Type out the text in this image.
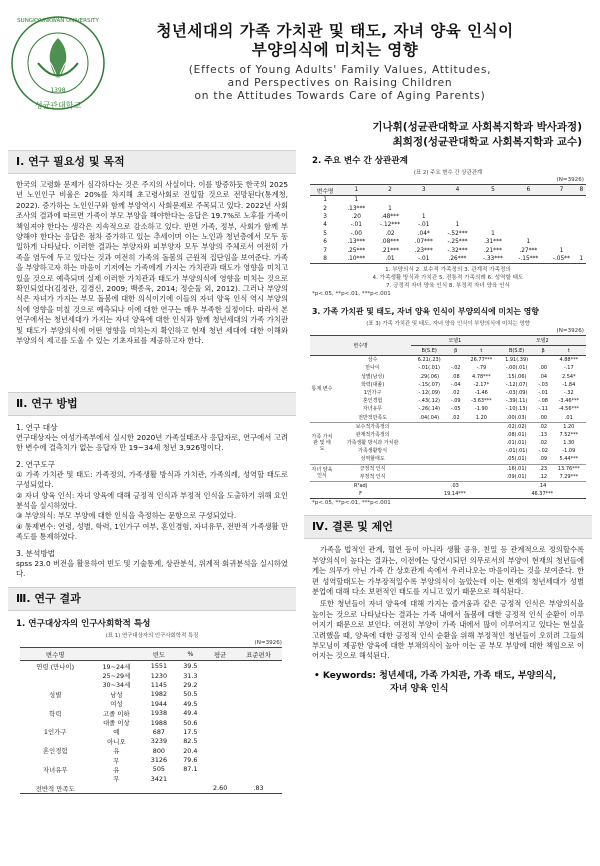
1398
성균관대학교
SUNGKYUNKWAN UNIVERSITY
청년세대의 가족 가치관 및 태도, 자녀 양육 인식이
부양의식에 미치는 영향
(Effects of Young Adults' Family Values, Attitudes,
and Perspectives on Raising Children
on the Attitudes Towards Care of Aging Parents)
기나휘(성균관대학교 사회복지학과 박사과정)
최희정(성균관대학교 사회복지학과 교수)
Ⅰ. 연구 필요성 및 목적
한국의 고령화 문제가 심각하다는 것은 주지의 사실이다. 이를 방증하듯 한국의 2025년 노인인구 비율은 20%를 차지해 초고령사회로 진입할 것으로 전망된다(통계청, 2022). 증가하는 노인인구와 함께 부양역시 사회문제로 주목되고 있다. 2022년 사회조사의 결과에 따르면 가족이 부모 부양을 해야한다는 응답은 19.7%로 노후를 가족이 책임져야 한다는 생각은 지속적으로 감소하고 있다. 반면 가족, 정부, 사회가 함께 부양해야 한다는 응답은 점차 증가하고 있는 추세이며 이는 노인과 청년층에서 모두 동일하게 나타났다. 이러한 결과는 부양자와 피부양자 모두 부양의 주체로서 여전히 가족을 염두에 두고 있다는 것과 여전히 가족의 돌봄의 근원적 집단임을 보여준다. 가족을 부양하고자 하는 마음이 기저에는 가족에게 가지는 가치관과 태도가 영향을 미치고 있을 것으로 예측되며 실제 이러한 가치관과 태도가 부양의식에 영향을 미치는 것으로 확인되었다(김정란, 김경신, 2009; 백종욱, 2014; 정순둘 외, 2012). 그러나 부양의식은 자녀가 가지는 부모 돌봄에 대한 의식이기에 이들의 자녀 양육 인식 역시 부양의식에 영향을 미칠 것으로 예측되나 이에 대한 연구는 매우 부족한 실정이다. 따라서 본 연구에서는 청년세대가 가지는 자녀 양육에 대한 인식과 함께 청년세대의 가족 가치관 및 태도가 부양의식에 어떤 영향을 미치는지 확인하고 현재 청년 세대에 대한 이해와 부양의식 제고를 도울 수 있는 기초자료를 제공하고자 한다.
Ⅱ. 연구 방법
1. 연구 대상
연구대상자는 여성가족부에서 실시한 2020년 가족실태조사 응답자로, 연구에서 고려한 변수에 결측치가 없는 응답자 만 19~34세 청년 3,926명이다.
2. 연구도구
① 가족 가치관 및 태도: 가족정의, 가족생활 방식과 가치관, 가족의례, 성역할 태도로 구성되었다.
② 자녀 양육 인식: 자녀 양육에 대해 긍정적 인식과 부정적 인식을 도출하기 위해 요인분석을 실시하였다.
③ 부양의식: 부모 부양에 대한 인식을 측정하는 문항으로 구성되었다.
④ 통제변수: 연령, 성별, 학력, 1인가구 여부, 혼인경험, 자녀유무, 전반적 가족생활 만족도를 통제하였다.
3. 분석방법
spss 23.0 버전을 활용하여 빈도 및 기술통계, 상관분석, 위계적 회귀분석을 실시하였다.
Ⅲ. 연구 결과
1. 연구대상자의 인구사회학적 특성
(표 1) 연구대상자의 인구사회학적 특징
(N=3926)
변수명		빈도	%	평균	표준편차
연령 (만나이)	19~24세	1551	39.5		
	25~29세	1230	31.3		
	30~34세	1145	29.2		
성별	남성	1982	50.5		
	여성	1944	49.5		
학력	고졸 이하	1938	49.4		
	대졸 이상	1988	50.6		
1인가구	예	687	17.5		
	아니오	3239	82.5		
혼인경험	유	800	20.4		
	무	3126	79.6		
자녀유무	유	505	87.1		
	무	3421			
전반적 만족도				2.60	.83
2. 주요 변수 간 상관관계
(표 2) 주요 변수 간 상관관계
(N=3926)
변수명	1	2	3	4	5	6	7	8
1	1							
2	.13***	1						
3	.20	.48***	1					
4	-.01	-.12***	-.01	1				
5	-.00	.02	.04*	-.52***	1			
6	.13***	.08***	.07***	-.25***	.31***	1		
7	.25***	.21***	.23***	-.32***	.21***	.27***	1	
8	.10***	.01	-.01	.26***	-.33***	-.15***	-.05**	1
1. 부양의식 2. 보수적 가족정의 3. 관계적 가족정의
4. 가족생활 방식과 가치관 5. 전통적 가족의례 6. 성역할 태도
7. 긍정적 자녀 양육 인식 8. 부정적 자녀 양육 인식
*p<.05, **p<.01, ***p<.001
3. 가족 가치관 및 태도, 자녀 양육 인식이 부양의식에 미치는 영향
(표 3) 가족 가치관 및 태도, 자녀 양육 인식이 부양의식에 미치는 영향
(N=3926)
변수명		모델1			모델2		
		B(S.E)	β	t	B(S.E)	β	t
통제 변수	상수	6.21(.23)		26.77***	1.91(.39)		4.88***
	만나이	-.01(.01)	-.02	-.79	-.00(.01)	.00	-.17
	성별(남성)	.29(.06)	.08	4.78***	.15(.06)	.04	2.54*
	학력(대졸)	-.15(.07)	-.04	-2.17*	-.12(.07)	-.03	-1.84
	1인가구	-.12(.09)	.02	-1.46	-.03(.09)	-.01	-.32
	혼인경험	-.43(.12)	-.09	-3.63***	-.39(.11)	-.08	-3.46***
	자녀유무	-.26(.14)	-.05	-1.90	-.10(.13)	-.11	-4.56***
	전반적만족도	.04(.04)	.02	1.20	.00(.03)	.00	.01
가족 가치관 및 태도	보수적가족정의				.02(.02)	.02	1.20
	관계적가족정의				.08(.01)	.13	7.52***
	가족생활 방식과 가치관				.01(.01)	.02	1.30
	가족생활방식				-.01(.01)	-.02	-1.09
	성역할태도				.05(.01)	.09	5.44***
자녀 양육 인식	긍정적 인식				.16(.01)	.23	13.76***
	부정적 인식				.09(.01)	.12	7.29***
R²adj		.03			.14		
F		19.14***			46.37***		
*p<.05, **p<.01, ***p<.001
Ⅳ. 결론 및 제언
가족을 법적인 관계, 혈연 등이 아니라 생활 공유, 친밀 등 관계적으로 정의할수록 부양의식이 높다는 결과는, 이전에는 당연시되던 의무로서의 부양이 현재의 청년들에게는 의무가 아닌 가족 간 상호관계 속에서 우러나오는 마음이라는 것을 보여준다. 한편 성역할태도는 가부장적일수록 부양의식이 높았는데 이는 현재의 청년세대가 성별분업에 대해 다소 보편적인 태도를 지니고 있기 때문으로 해석된다.
또한 청년들이 자녀 양육에 대해 가지는 즐거움과 같은 긍정적 인식은 부양의식을 높이는 것으로 나타났다는 결과는 가족 내에서 돌봄에 대한 긍정적 인식 순환이 이루어지기 때문으로 보인다. 여전히 부양이 가족 내에서 많이 이루어지고 있다는 현실을 고려했을 때, 양육에 대한 긍정적 인식 순환을 위해 부정적인 청년들이 오히려 그들의 부모님이 제공한 양육에 대한 부채의식이 높아 이는 곧 부모 부양에 대한 책임으로 이어지는 것으로 해석된다.
• Keywords: 청년세대, 가족 가치관, 가족 태도, 부양의식,
자녀 양육 인식
